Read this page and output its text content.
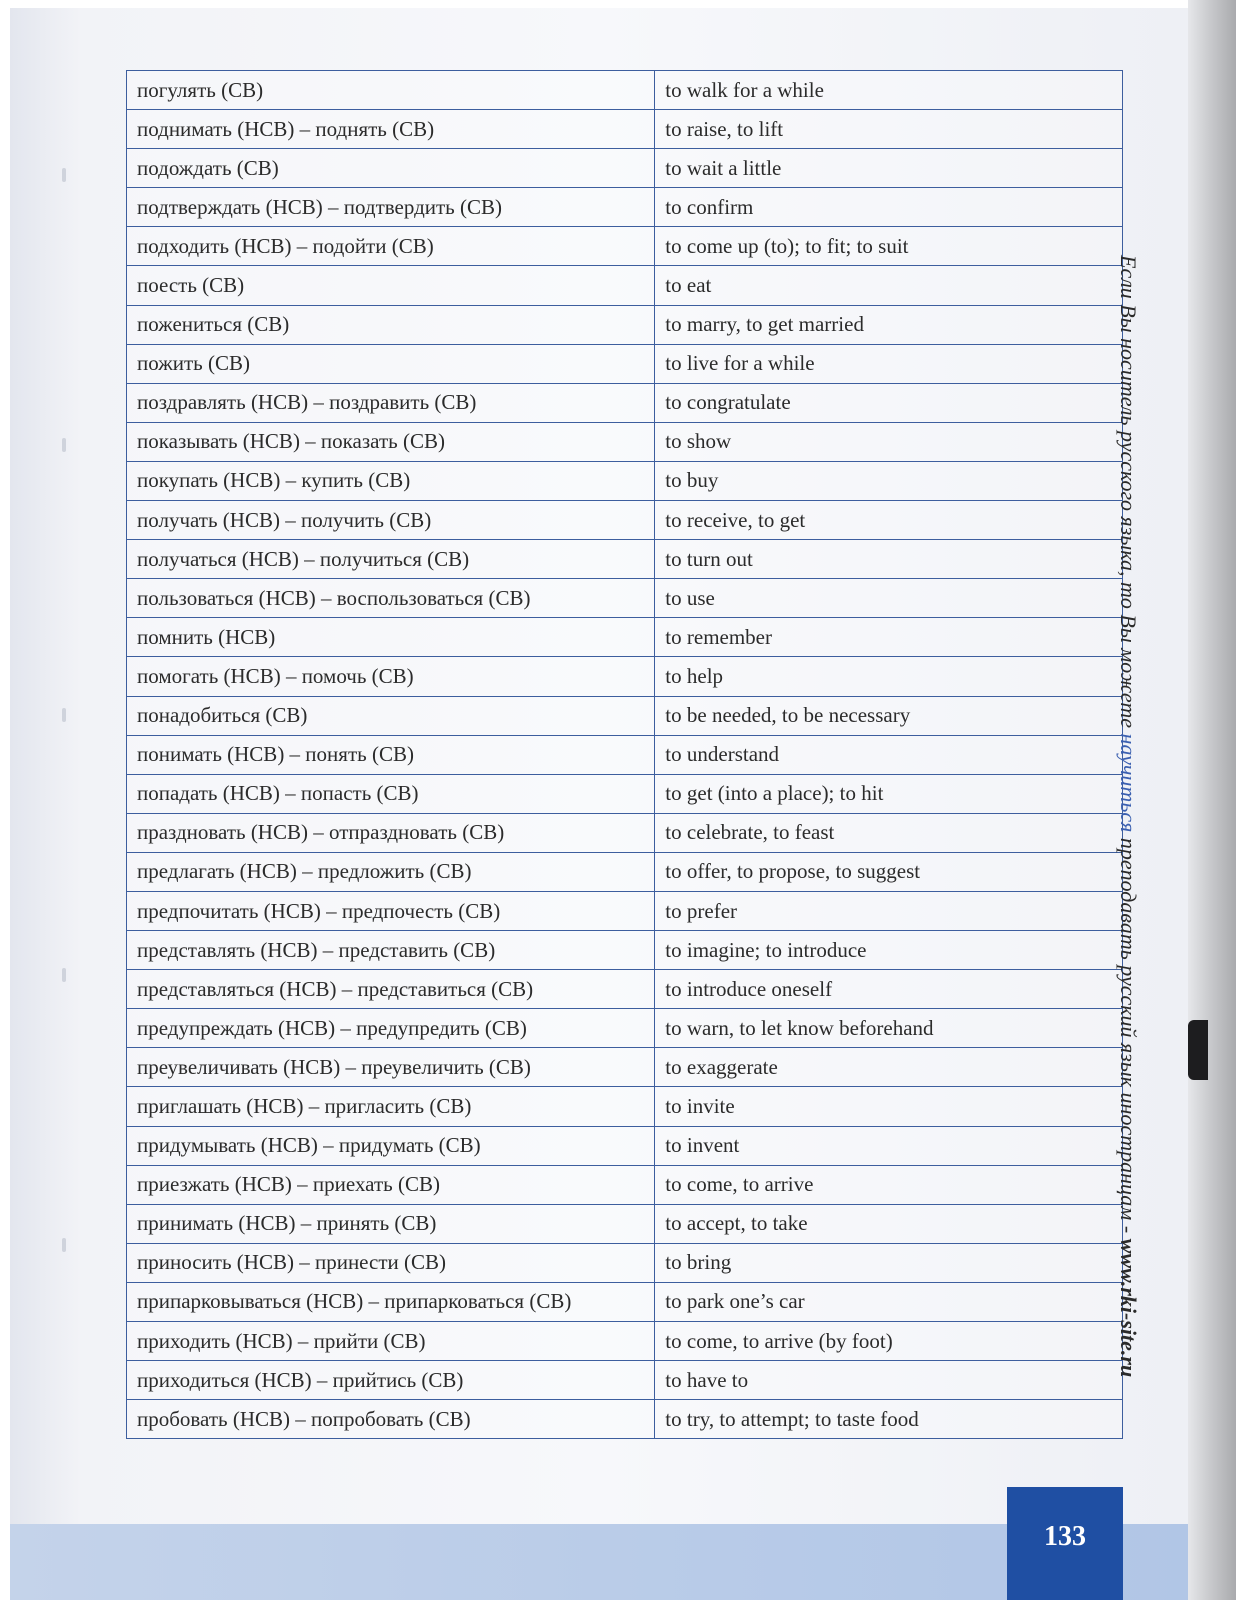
погулять (СВ)	to walk for a while
поднимать (НСВ) – поднять (СВ)	to raise, to lift
подождать (СВ)	to wait a little
подтверждать (НСВ) – подтвердить (СВ)	to confirm
подходить (НСВ) – подойти (СВ)	to come up (to); to fit; to suit
поесть (СВ)	to eat
пожениться (СВ)	to marry, to get married
пожить (СВ)	to live for a while
поздравлять (НСВ) – поздравить (СВ)	to congratulate
показывать (НСВ) – показать (СВ)	to show
покупать (НСВ) – купить (СВ)	to buy
получать (НСВ) – получить (СВ)	to receive, to get
получаться (НСВ) – получиться (СВ)	to turn out
пользоваться (НСВ) – воспользоваться (СВ)	to use
помнить (НСВ)	to remember
помогать (НСВ) – помочь (СВ)	to help
понадобиться (СВ)	to be needed, to be necessary
понимать (НСВ) – понять (СВ)	to understand
попадать (НСВ) – попасть (СВ)	to get (into a place); to hit
праздновать (НСВ) – отпраздновать (СВ)	to celebrate, to feast
предлагать (НСВ) – предложить (СВ)	to offer, to propose, to suggest
предпочитать (НСВ) – предпочесть (СВ)	to prefer
представлять (НСВ) – представить (СВ)	to imagine; to introduce
представляться (НСВ) – представиться (СВ)	to introduce oneself
предупреждать (НСВ) – предупредить (СВ)	to warn, to let know beforehand
преувеличивать (НСВ) – преувеличить (СВ)	to exaggerate
приглашать (НСВ) – пригласить (СВ)	to invite
придумывать (НСВ) – придумать (СВ)	to invent
приезжать (НСВ) – приехать (СВ)	to come, to arrive
принимать (НСВ) – принять (СВ)	to accept, to take
приносить (НСВ) – принести (СВ)	to bring
припарковываться (НСВ) – припарковаться (СВ)	to park one’s car
приходить (НСВ) – прийти (СВ)	to come, to arrive (by foot)
приходиться (НСВ) – прийтись (СВ)	to have to
пробовать (НСВ) – попробовать (СВ)	to try, to attempt; to taste food
Если Вы носитель русского языка, то Вы можете научиться преподавать русский язык иностранцам - www.rki-site.ru
133
